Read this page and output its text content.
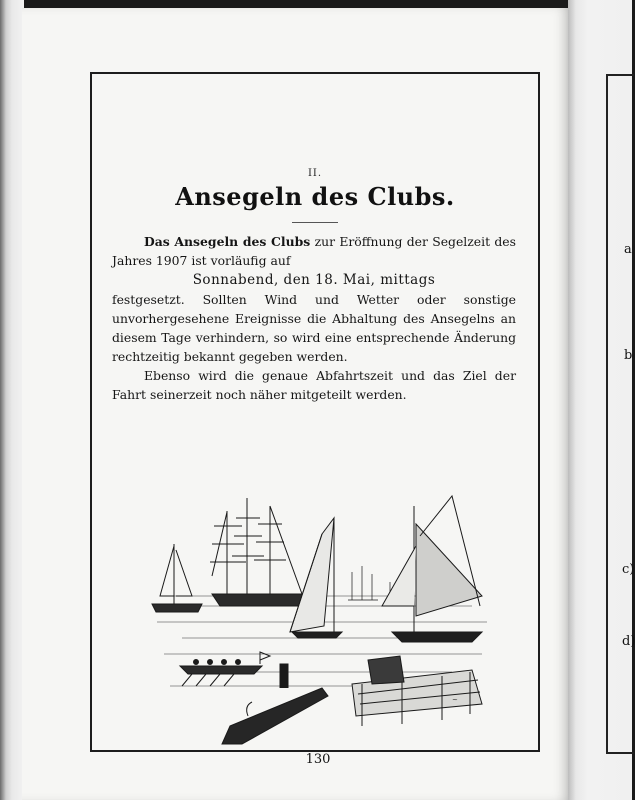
a
b
c)
d)
II.
Ansegeln des Clubs.

Das Ansegeln des Clubs zur Eröffnung der Segelzeit des Jahres 1907 ist vorläufig auf

Sonnabend, den 18. Mai, mittags

festgesetzt. Sollten Wind und Wetter oder sonstige unvorhergesehene Ereignisse die Abhaltung des Ansegelns an diesem Tage verhindern, so wird eine entsprechende Änderung rechtzeitig bekannt gegeben werden.

Ebenso wird die genaue Abfahrtszeit und das Ziel der Fahrt seinerzeit noch näher mitgeteilt werden.

~
130
